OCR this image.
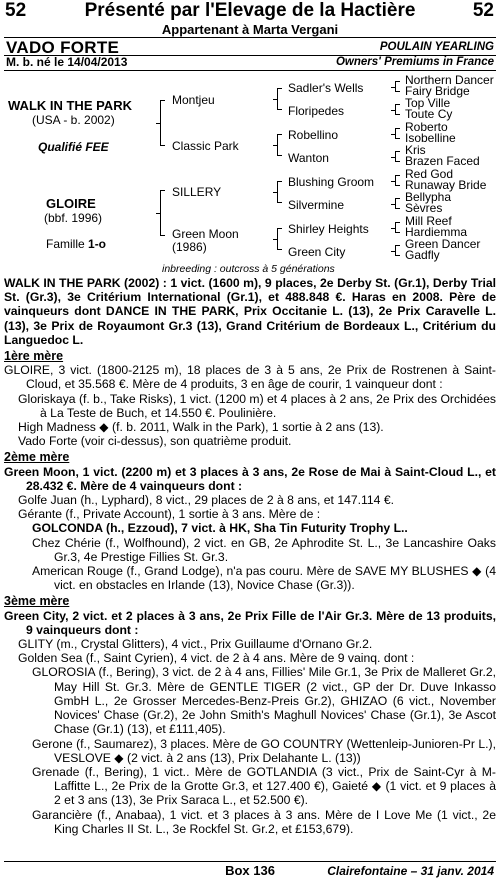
52	Présenté par l'Elevage de la Hactière	52
Appartenant à Marta Vergani
VADO FORTE	POULAIN YEARLING
M. b. né le 14/04/2013	Owners' Premiums in France
WALK IN THE PARK
(USA - b. 2002)
Qualifié FEE
GLOIRE
(bbf. 1996)
Famille 1-o
Montjeu
Classic Park
SILLERY
Green Moon
(1986)
Sadler's Wells
Floripedes
Robellino
Wanton
Blushing Groom
Silvermine
Shirley Heights
Green City
Northern Dancer
Fairy Bridge
Top Ville
Toute Cy
Roberto
Isobelline
Kris
Brazen Faced
Red God
Runaway Bride
Bellypha
Sèvres
Mill Reef
Hardiemma
Green Dancer
Gadfly
inbreeding : outcross à 5 générations

WALK IN THE PARK (2002) : 1 vict. (1600 m), 9 places, 2e Derby St. (Gr.1), Derby Trial St. (Gr.3), 3e Critérium International (Gr.1), et 488.848 €. Haras en 2008. Père de vainqueurs dont DANCE IN THE PARK, Prix Occitanie L. (13), 2e Prix Caravelle L. (13), 3e Prix de Royaumont Gr.3 (13), Grand Critérium de Bordeaux L., Critérium du Languedoc L.

1ère mère

GLOIRE, 3 vict. (1800-2125 m), 18 places de 3 à 5 ans, 2e Prix de Rostrenen à Saint-Cloud, et 35.568 €. Mère de 4 produits, 3 en âge de courir, 1 vainqueur dont :

Gloriskaya (f. b., Take Risks), 1 vict. (1200 m) et 4 places à 2 ans, 2e Prix des Orchidées à La Teste de Buch, et 14.550 €. Poulinière.

High Madness ◆ (f. b. 2011, Walk in the Park), 1 sortie à 2 ans (13).

Vado Forte (voir ci-dessus), son quatrième produit.

2ème mère

Green Moon, 1 vict. (2200 m) et 3 places à 3 ans, 2e Rose de Mai à Saint-Cloud L., et 28.432 €. Mère de 4 vainqueurs dont :

Golfe Juan (h., Lyphard), 8 vict., 29 places de 2 à 8 ans, et 147.114 €.

Gérante (f., Private Account), 1 sortie à 3 ans. Mère de :

GOLCONDA (h., Ezzoud), 7 vict. à HK, Sha Tin Futurity Trophy L..

Chez Chérie (f., Wolfhound), 2 vict. en GB, 2e Aphrodite St. L., 3e Lancashire Oaks Gr.3, 4e Prestige Fillies St. Gr.3.

American Rouge (f., Grand Lodge), n'a pas couru. Mère de SAVE MY BLUSHES ◆ (4 vict. en obstacles en Irlande (13), Novice Chase (Gr.3)).

3ème mère

Green City, 2 vict. et 2 places à 3 ans, 2e Prix Fille de l'Air Gr.3. Mère de 13 produits, 9 vainqueurs dont :

GLITY (m., Crystal Glitters), 4 vict., Prix Guillaume d'Ornano Gr.2.

Golden Sea (f., Saint Cyrien), 4 vict. de 2 à 4 ans. Mère de 9 vainq. dont :

GLOROSIA (f., Bering), 3 vict. de 2 à 4 ans, Fillies' Mile Gr.1, 3e Prix de Malleret Gr.2, May Hill St. Gr.3. Mère de GENTLE TIGER (2 vict., GP der Dr. Duve Inkasso GmbH L., 2e Grosser Mercedes-Benz-Preis Gr.2), GHIZAO (6 vict., November Novices' Chase (Gr.2), 2e John Smith's Maghull Novices' Chase (Gr.1), 3e Ascot Chase (Gr.1) (13), et £111,405).

Gerone (f., Saumarez), 3 places. Mère de GO COUNTRY (Wettenleip-Junioren-Pr L.), VESLOVE ◆ (2 vict. à 2 ans (13), Prix Delahante L. (13))

Grenade (f., Bering), 1 vict.. Mère de GOTLANDIA (3 vict., Prix de Saint-Cyr à M-Laffitte L., 2e Prix de la Grotte Gr.3, et 127.400 €), Gaieté ◆ (1 vict. et 9 places à 2 et 3 ans (13), 3e Prix Saraca L., et 52.500 €).

Garancière (f., Anabaa), 1 vict. et 3 places à 3 ans. Mère de I Love Me (1 vict., 2e King Charles II St. L., 3e Rockfel St. Gr.2, et £153,679).

Box 136	Clairefontaine – 31 janv. 2014
